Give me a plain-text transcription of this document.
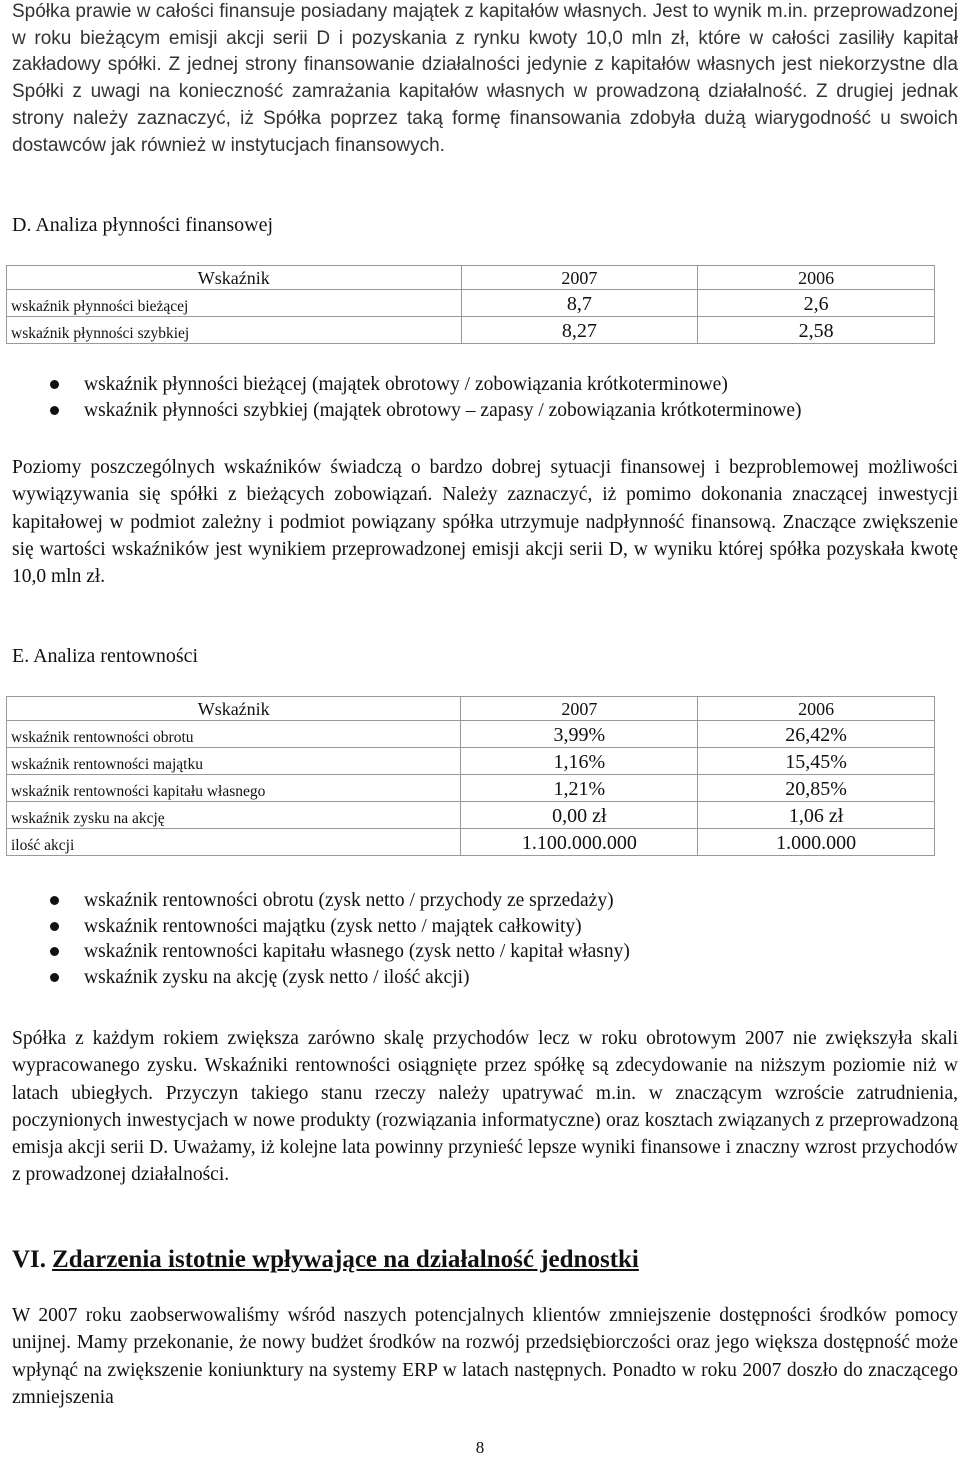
Spółka prawie w całości finansuje posiadany majątek z kapitałów własnych. Jest to wynik m.in. przeprowadzonej w roku bieżącym emisji akcji serii D i pozyskania z rynku kwoty 10,0 mln zł, które w całości zasiliły kapitał zakładowy spółki. Z jednej strony finansowanie działalności jedynie z kapitałów własnych jest niekorzystne dla Spółki z uwagi na konieczność zamrażania kapitałów własnych w prowadzoną działalność. Z drugiej jednak strony należy zaznaczyć, iż Spółka poprzez taką formę finansowania zdobyła dużą wiarygodność u swoich dostawców jak również w instytucjach finansowych.

D. Analiza płynności finansowej
Wskaźnik	2007	2006
wskaźnik płynności bieżącej	8,7	2,6
wskaźnik płynności szybkiej	8,27	2,58
wskaźnik płynności bieżącej (majątek obrotowy / zobowiązania krótkoterminowe)
wskaźnik płynności szybkiej (majątek obrotowy – zapasy / zobowiązania krótkoterminowe)

Poziomy poszczególnych wskaźników świadczą o bardzo dobrej sytuacji finansowej i bezproblemowej możliwości wywiązywania się spółki z bieżących zobowiązań. Należy zaznaczyć, iż pomimo dokonania znaczącej inwestycji kapitałowej w podmiot zależny i podmiot powiązany spółka utrzymuje nadpłynność finansową. Znaczące zwiększenie się wartości wskaźników jest wynikiem przeprowadzonej emisji akcji serii D, w wyniku której spółka pozyskała kwotę 10,0 mln zł.

E. Analiza rentowności
Wskaźnik	2007	2006
wskaźnik rentowności obrotu	3,99%	26,42%
wskaźnik rentowności majątku	1,16%	15,45%
wskaźnik rentowności kapitału własnego	1,21%	20,85%
wskaźnik zysku na akcję	0,00 zł	1,06 zł
ilość akcji	1.100.000.000	1.000.000
wskaźnik rentowności obrotu (zysk netto / przychody ze sprzedaży)
wskaźnik rentowności majątku (zysk netto / majątek całkowity)
wskaźnik rentowności kapitału własnego (zysk netto / kapitał własny)
wskaźnik zysku na akcję (zysk netto / ilość akcji)

Spółka z każdym rokiem zwiększa zarówno skalę przychodów lecz w roku obrotowym 2007 nie zwiększyła skali wypracowanego zysku. Wskaźniki rentowności osiągnięte przez spółkę są zdecydowanie na niższym poziomie niż w latach ubiegłych. Przyczyn takiego stanu rzeczy należy upatrywać m.in. w znaczącym wzroście zatrudnienia, poczynionych inwestycjach w nowe produkty (rozwiązania informatyczne) oraz kosztach związanych z przeprowadzoną emisja akcji serii D. Uważamy, iż kolejne lata powinny przynieść lepsze wyniki finansowe i znaczny wzrost przychodów z prowadzonej działalności.

VI. Zdarzenia istotnie wpływające na działalność jednostki

W 2007 roku zaobserwowaliśmy wśród naszych potencjalnych klientów zmniejszenie dostępności środków pomocy unijnej. Mamy przekonanie, że nowy budżet środków na rozwój przedsiębiorczości oraz jego większa dostępność może wpłynąć na zwiększenie koniunktury na systemy ERP w latach następnych. Ponadto w roku 2007 doszło do znaczącego zmniejszenia

8
